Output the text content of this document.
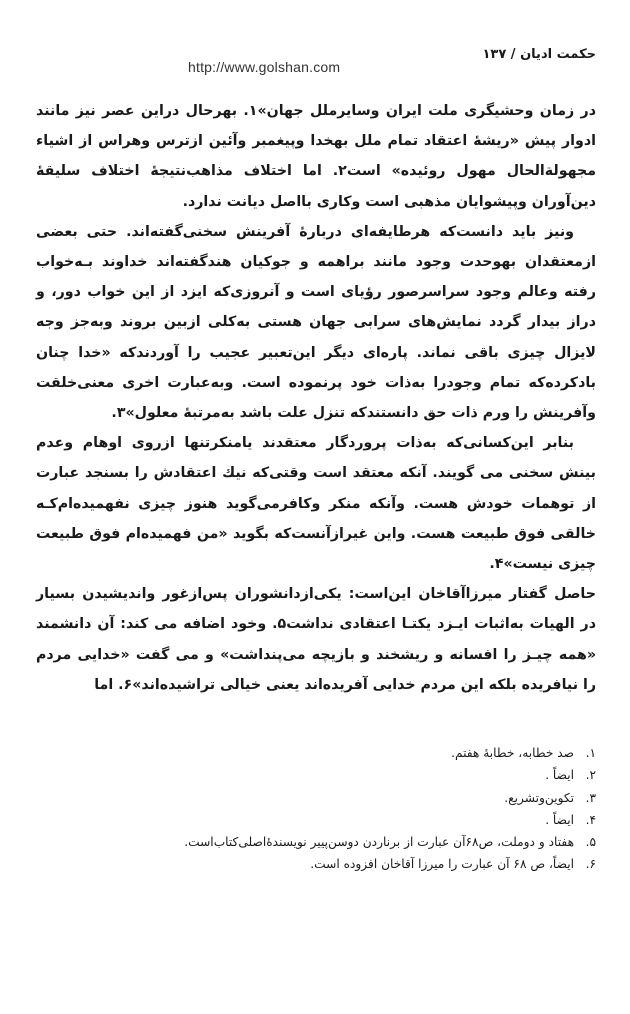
حکمت ادیان / ۱۳۷
http://www.golshan.com

در زمان وحشیگری ملت ایران وسایرملل جهان»۱. بهرحال دراین عصر نیز مانند ادوار پیش «ریشهٔ اعتقاد تمام ملل بهخدا وپیغمبر وآئین ازترس وهراس از اشیاء مجهولةالحال مهول روئیده» است۲. اما اختلاف مذاهب‌نتیجهٔ اختلاف سلیقهٔ دین‌آوران وپیشوایان مذهبی است وکاری بااصل دیانت ندارد.

ونیز باید دانست‌که هرطایفه‌ای دربارهٔ آفرینش سخنی‌گفته‌اند. حتی بعضی ازمعتقدان بهوحدت وجود مانند براهمه و جوکیان هندگفته‌اند خداوند بـه‌خواب رفته وعالم وجود سراسرصور رؤیای است و آنروزی‌که ایزد از این خواب دور، و دراز بیدار گردد نمایش‌های سرابی جهان هستی به‌کلی ازبین بروند وبه‌جز وجه لایزال چیزی باقی نماند. پاره‌ای دیگر این‌تعبیر عجیب را آوردند‌که «خدا چنان بادکرده‌که تمام وجودرا به‌ذات خود پرنموده است. وبه‌عبارت اخری معنی‌خلقت وآفرینش را ورم ذات حق دانستند‌که تنزل علت باشد به‌مرتبهٔ معلول»۳.

بنابر این‌کسانی‌که به‌ذات پروردگار معتقدند یامنکرتنها ازروی اوهام وعدم بینش سخنی می گویند. آنکه معتقد است وقتی‌که نیك اعتقادش را بسنجد عبارت از توهمات خودش هست. وآنکه منکر وکافرمی‌گوید هنوز چیزی نفهمیده‌ام‌کـه خالقی فوق طبیعت هست. واین غیرازآنست‌که بگوید «من فهمیده‌ام فوق طبیعت چیزی نیست»۴.

حاصل گفتار میرزاآقاخان این‌است: یکی‌ازدانشوران پس‌ازغور واندیشیدن بسیار در الهیات به‌اثبات ایـزد یکتـا اعتقادی نداشت۵. وخود اضافه می کند: آن دانشمند «همه چیـز را افسانه و ریشخند و بازیچه می‌پنداشت» و می گفت «خدایی مردم را نیافریده بلکه این مردم خدایی آفریده‌اند یعنی خیالی تراشیده‌اند»۶. اما

۱.
صد خطابه، خطابهٔ هفتم.
۲.
ایضاً .
۳.
تکوین‌وتشریع.
۴.
ایضاً .
۵.
هفتاد و دوملت، ص۶۸آن عبارت از برناردن دوسن‌پییر نویسندهٔ‌اصلی‌کتاب‌است.
۶.
ایضاً، ص ۶۸ آن عبارت را میرزا آقاخان افزوده است.
